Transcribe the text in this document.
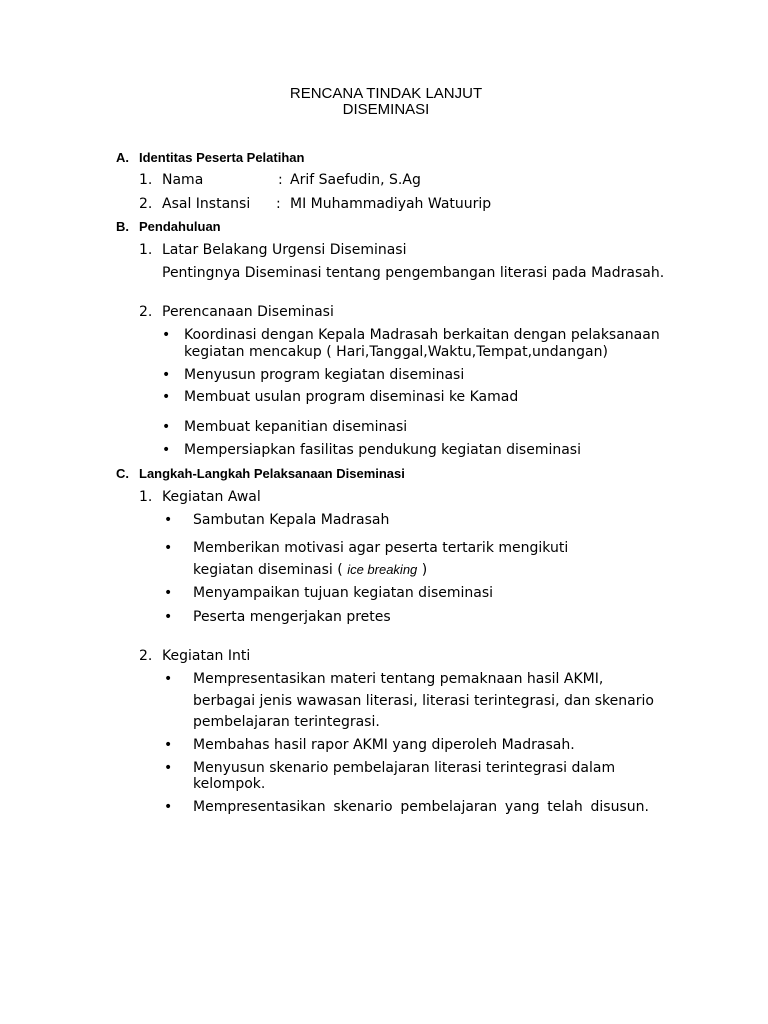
RENCANA TINDAK LANJUT
DISEMINASI
A. Identitas Peserta Pelatihan
1. Nama	: Arif Saefudin, S.Ag
2. Asal Instansi : MI Muhammadiyah Watuurip
B. Pendahuluan
1. Latar Belakang Urgensi Diseminasi
Pentingnya Diseminasi tentang pengembangan literasi pada Madrasah.
2. Perencanaan Diseminasi
• Koordinasi dengan Kepala Madrasah berkaitan dengan pelaksanaan
kegiatan mencakup ( Hari,Tanggal,Waktu,Tempat,undangan)
• Menyusun program kegiatan diseminasi
• Membuat usulan program diseminasi ke Kamad
• Membuat kepanitian diseminasi
• Mempersiapkan fasilitas pendukung kegiatan diseminasi
C. Langkah-Langkah Pelaksanaan Diseminasi
1. Kegiatan Awal
• Sambutan Kepala Madrasah
• Memberikan motivasi agar peserta tertarik mengikuti
kegiatan diseminasi ( ice breaking )
• Menyampaikan tujuan kegiatan diseminasi
• Peserta mengerjakan pretes
2. Kegiatan Inti
• Mempresentasikan materi tentang pemaknaan hasil AKMI,
berbagai jenis wawasan literasi, literasi terintegrasi, dan skenario
pembelajaran terintegrasi.
• Membahas hasil rapor AKMI yang diperoleh Madrasah.
• Menyusun skenario pembelajaran literasi terintegrasi dalam
kelompok.
• Mempresentasikan skenario pembelajaran yang telah disusun.
